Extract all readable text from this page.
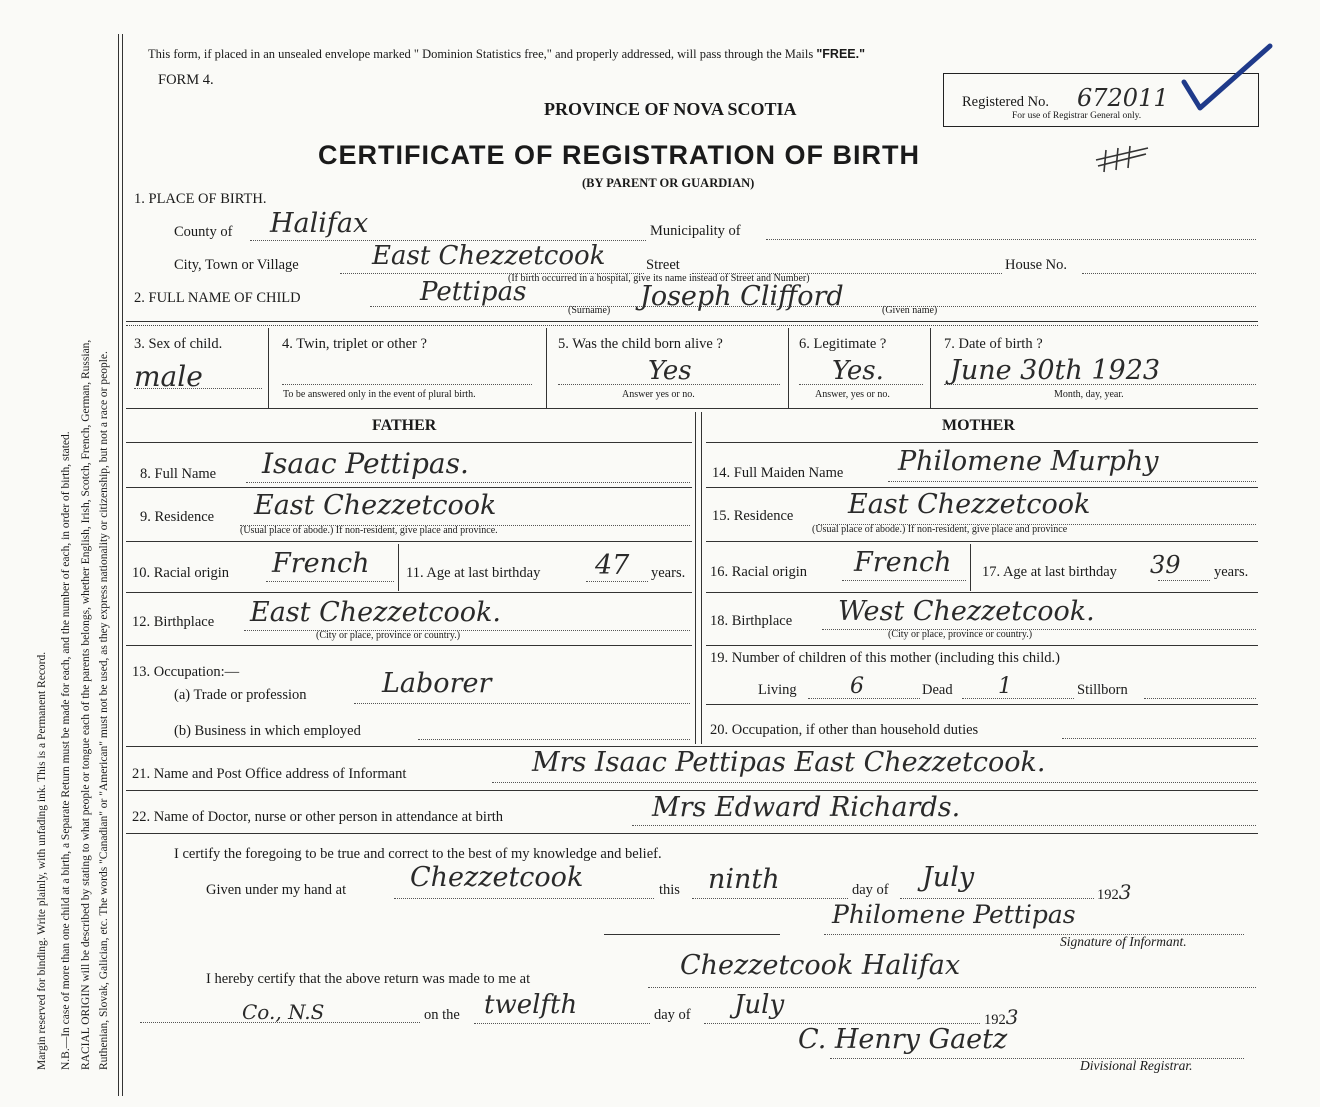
Margin reserved for binding. Write plainly, with unfading ink. This is a Permanent Record. N.B.—In case of more than one child at a birth, a Separate Return must be made for each, and the number of each, in order of birth, stated. RACIAL ORIGIN will be described by stating to what people or tongue each of the parents belongs, whether English, Irish, Scotch, French, German, Russian, Ruthenian, Slovak, Galician, etc. The words "Canadian" or "American" must not be used, as they express nationality or citizenship, but not a race or people.
This form, if placed in an unsealed envelope marked " Dominion Statistics free," and properly addressed, will pass through the Mails "FREE."
FORM 4.
PROVINCE OF NOVA SCOTIA
CERTIFICATE OF REGISTRATION OF BIRTH
(BY PARENT OR GUARDIAN)
Registered No. 672011
For use of Registrar General only.
1. PLACE OF BIRTH.
County of Halifax	Municipality of
City, Town or Village	East Chezzetcook	Street	House No.
(If birth occurred in a hospital, give its name instead of Street and Number)
2. FULL NAME OF CHILD	Pettipas	Joseph Clifford
(Surname)	(Given name)
3. Sex of child.
male
4. Twin, triplet or other ?
To be answered only in the event of plural birth.
5. Was the child born alive ?
Yes
Answer yes or no.
6. Legitimate ?
Yes.
Answer, yes or no.
7. Date of birth ?
June 30th 1923
Month, day, year.
FATHER	MOTHER
8. Full Name Isaac Pettipas.
9. Residence East Chezzetcook
(Usual place of abode.) If non-resident, give place and province.
10. Racial origin French	11. Age at last birthday 47 years.
12. Birthplace East Chezzetcook.
(City or place, province or country.)
13. Occupation:—
(a) Trade or profession	Laborer
(b) Business in which employed
14. Full Maiden Name Philomene Murphy
15. Residence East Chezzetcook
(Usual place of abode.) If non-resident, give place and province
16. Racial origin French 17. Age at last birthday 39 years.
18. Birthplace West Chezzetcook.
(City or place, province or country.)
19. Number of children of this mother (including this child.)
Living 6	Dead 1	Stillborn
20. Occupation, if other than household duties
21. Name and Post Office address of Informant	Mrs Isaac Pettipas East Chezzetcook.
22. Name of Doctor, nurse or other person in attendance at birth	Mrs Edward Richards.
I certify the foregoing to be true and correct to the best of my knowledge and belief.
Given under my hand at Chezzetcook	this ninth	day of July
1923
Philomene Pettipas
Signature of Informant.
I hereby certify that the above return was made to me at	Chezzetcook Halifax
Co., N.S	on the twelfth	day of July	1923
C. Henry Gaetz
Divisional Registrar.
